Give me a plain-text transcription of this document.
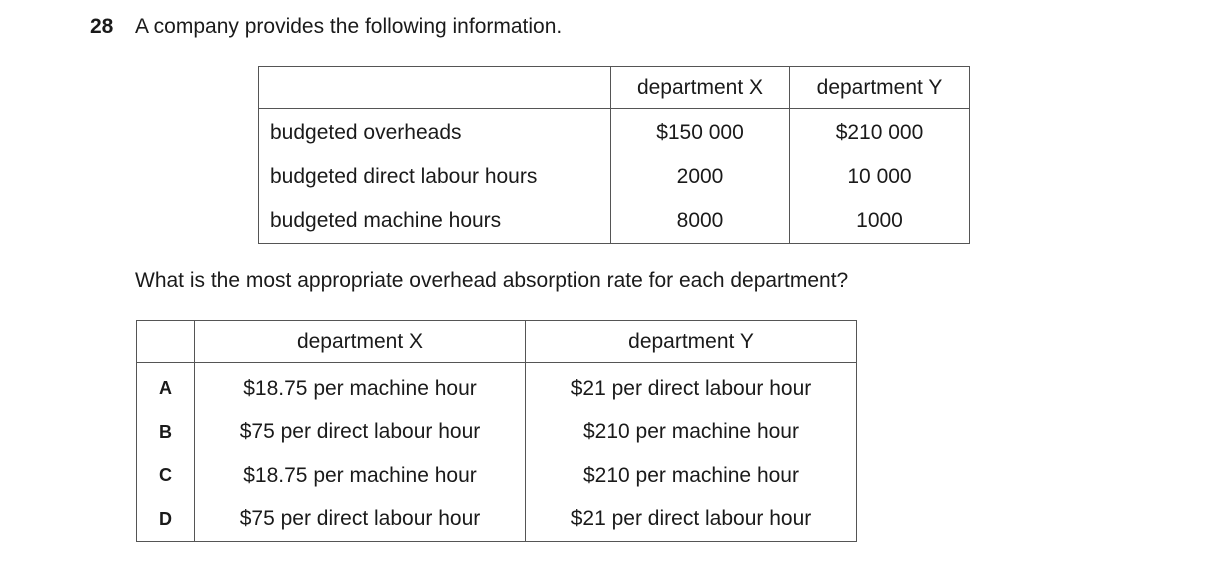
28 A company provides the following information.
	department X	department Y
budgeted overheads	$150 000	$210 000
budgeted direct labour hours	2000	10 000
budgeted machine hours	8000	1000
What is the most appropriate overhead absorption rate for each department?
	department X	department Y
A	$18.75 per machine hour	$21 per direct labour hour
B	$75 per direct labour hour	$210 per machine hour
C	$18.75 per machine hour	$210 per machine hour
D	$75 per direct labour hour	$21 per direct labour hour
